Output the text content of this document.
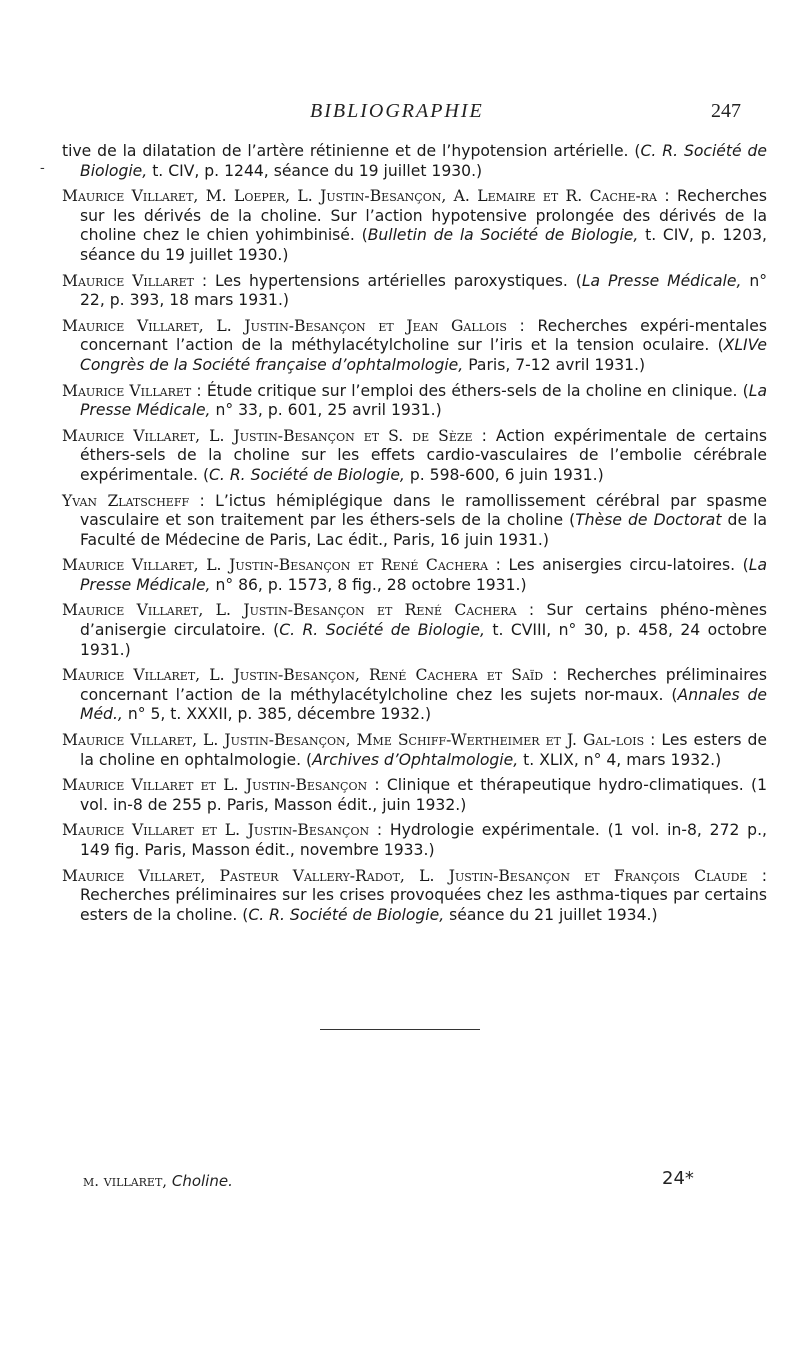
BIBLIOGRAPHIE	247
-

tive de la dilatation de l’artère rétinienne et de l’hypotension artérielle. (C. R. Société de Biologie, t. CIV, p. 1244, séance du 19 juillet 1930.)

Maurice Villaret, M. Loeper, L. Justin-Besançon, A. Lemaire et R. Cache-ra : Recherches sur les dérivés de la choline. Sur l’action hypotensive prolongée des dérivés de la choline chez le chien yohimbinisé. (Bulletin de la Société de Biologie, t. CIV, p. 1203, séance du 19 juillet 1930.)

Maurice Villaret : Les hypertensions artérielles paroxystiques. (La Presse Médicale, n° 22, p. 393, 18 mars 1931.)

Maurice Villaret, L. Justin-Besançon et Jean Gallois : Recherches expéri-mentales concernant l’action de la méthylacétylcholine sur l’iris et la tension oculaire. (XLIVe Congrès de la Société française d’ophtalmologie, Paris, 7-12 avril 1931.)

Maurice Villaret : Étude critique sur l’emploi des éthers-sels de la choline en clinique. (La Presse Médicale, n° 33, p. 601, 25 avril 1931.)

Maurice Villaret, L. Justin-Besançon et S. de Sèze : Action expérimentale de certains éthers-sels de la choline sur les effets cardio-vasculaires de l’embolie cérébrale expérimentale. (C. R. Société de Biologie, p. 598-600, 6 juin 1931.)

Yvan Zlatscheff : L’ictus hémiplégique dans le ramollissement cérébral par spasme vasculaire et son traitement par les éthers-sels de la choline (Thèse de Doctorat de la Faculté de Médecine de Paris, Lac édit., Paris, 16 juin 1931.)

Maurice Villaret, L. Justin-Besançon et René Cachera : Les anisergies circu-latoires. (La Presse Médicale, n° 86, p. 1573, 8 fig., 28 octobre 1931.)

Maurice Villaret, L. Justin-Besançon et René Cachera : Sur certains phéno-mènes d’anisergie circulatoire. (C. R. Société de Biologie, t. CVIII, n° 30, p. 458, 24 octobre 1931.)

Maurice Villaret, L. Justin-Besançon, René Cachera et Saïd : Recherches préliminaires concernant l’action de la méthylacétylcholine chez les sujets nor-maux. (Annales de Méd., n° 5, t. XXXII, p. 385, décembre 1932.)

Maurice Villaret, L. Justin-Besançon, Mme Schiff-Wertheimer et J. Gal-lois : Les esters de la choline en ophtalmologie. (Archives d’Ophtalmologie, t. XLIX, n° 4, mars 1932.)

Maurice Villaret et L. Justin-Besançon : Clinique et thérapeutique hydro-climatiques. (1 vol. in-8 de 255 p. Paris, Masson édit., juin 1932.)

Maurice Villaret et L. Justin-Besançon : Hydrologie expérimentale. (1 vol. in-8, 272 p., 149 fig. Paris, Masson édit., novembre 1933.)

Maurice Villaret, Pasteur Vallery-Radot, L. Justin-Besançon et François Claude : Recherches préliminaires sur les crises provoquées chez les asthma-tiques par certains esters de la choline. (C. R. Société de Biologie, séance du 21 juillet 1934.)

m. villaret, Choline.	24*
